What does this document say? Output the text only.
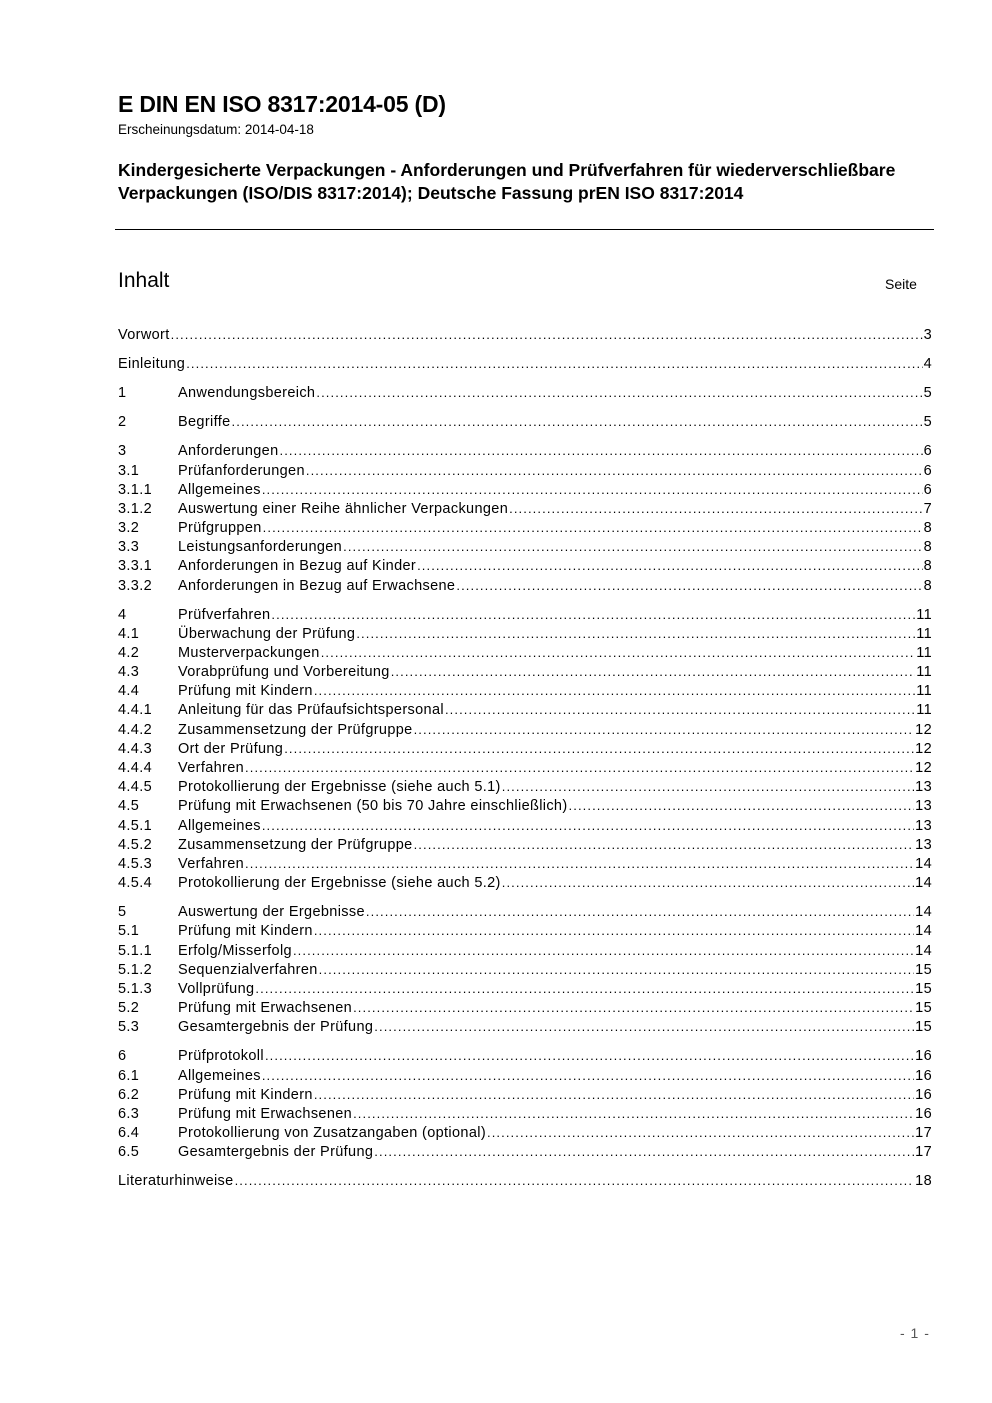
E DIN EN ISO 8317:2014-05 (D)
Erscheinungsdatum: 2014-04-18
Kindergesicherte Verpackungen - Anforderungen und Prüfverfahren für wiederverschließbare Verpackungen (ISO/DIS 8317:2014); Deutsche Fassung prEN ISO 8317:2014
Inhalt	Seite
Vorwort .....	3
Einleitung .....	4
1	Anwendungsbereich .....	5
2	Begriffe .....	5
3	Anforderungen .....	6
3.1	Prüfanforderungen .....	6
3.1.1	Allgemeines .....	6
3.1.2	Auswertung einer Reihe ähnlicher Verpackungen .....	7
3.2	Prüfgruppen .....	8
3.3	Leistungsanforderungen .....	8
3.3.1	Anforderungen in Bezug auf Kinder .....	8
3.3.2	Anforderungen in Bezug auf Erwachsene .....	8
4	Prüfverfahren .....	11
4.1	Überwachung der Prüfung .....	11
4.2	Musterverpackungen .....	11
4.3	Vorabprüfung und Vorbereitung .....	11
4.4	Prüfung mit Kindern .....	11
4.4.1	Anleitung für das Prüfaufsichtspersonal .....	11
4.4.2	Zusammensetzung der Prüfgruppe .....	12
4.4.3	Ort der Prüfung .....	12
4.4.4	Verfahren .....	12
4.4.5	Protokollierung der Ergebnisse (siehe auch 5.1) .....	13
4.5	Prüfung mit Erwachsenen (50 bis 70 Jahre einschließlich) .....	13
4.5.1	Allgemeines .....	13
4.5.2	Zusammensetzung der Prüfgruppe .....	13
4.5.3	Verfahren .....	14
4.5.4	Protokollierung der Ergebnisse (siehe auch 5.2) .....	14
5	Auswertung der Ergebnisse .....	14
5.1	Prüfung mit Kindern .....	14
5.1.1	Erfolg/Misserfolg .....	14
5.1.2	Sequenzialverfahren .....	15
5.1.3	Vollprüfung .....	15
5.2	Prüfung mit Erwachsenen .....	15
5.3	Gesamtergebnis der Prüfung .....	15
6	Prüfprotokoll .....	16
6.1	Allgemeines .....	16
6.2	Prüfung mit Kindern .....	16
6.3	Prüfung mit Erwachsenen .....	16
6.4	Protokollierung von Zusatzangaben (optional) .....	17
6.5	Gesamtergebnis der Prüfung .....	17
Literaturhinweise .....	18
- 1 -
